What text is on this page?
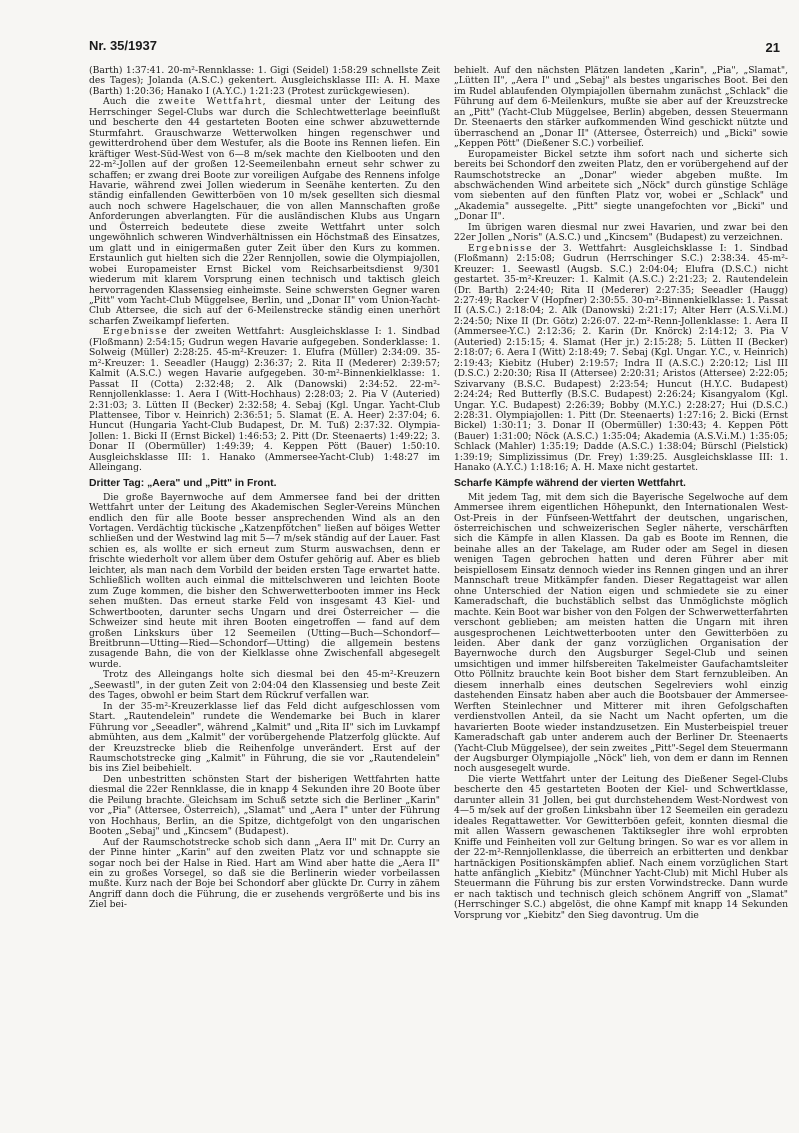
Nr. 35/1937	21

(Barth) 1:37:41. 20-m²-Rennklasse: 1. Gigi (Seidel) 1:58:29 schnellste Zeit des Tages); Jolanda (A.S.C.) gekentert. Ausgleichsklasse III: A. H. Maxe (Barth) 1:20:36; Hanako I (A.Y.C.) 1:21:23 (Protest zurückgewiesen).

Auch die zweite Wettfahrt, diesmal unter der Leitung des Herrschinger Segel-Clubs war durch die Schlechtwetterlage beeinflußt und bescherte den 44 gestarteten Booten eine schwer abzuwetternde Sturmfahrt. Grauschwarze Wetterwolken hingen regenschwer und gewitterdrohend über dem Westufer, als die Boote ins Rennen liefen. Ein kräftiger West-Süd-West von 6—8 m/sek machte den Kielbooten und den 22-m²-Jollen auf der großen 12-Seemeilenbahn erneut sehr schwer zu schaffen; er zwang drei Boote zur voreiligen Aufgabe des Rennens infolge Havarie, während zwei Jollen wiederum in Seenähe kenterten. Zu den ständig einfallenden Gewitterböen von 10 m/sek gesellten sich diesmal auch noch schwere Hagelschauer, die von allen Mannschaften große Anforderungen abverlangten. Für die ausländischen Klubs aus Ungarn und Österreich bedeutete diese zweite Wettfahrt unter solch ungewöhnlich schweren Windverhältnissen ein Höchstmaß des Einsatzes, um glatt und in einigermaßen guter Zeit über den Kurs zu kommen. Erstaunlich gut hielten sich die 22er Rennjollen, sowie die Olympiajollen, wobei Europameister Ernst Bickel vom Reichsarbeitsdienst 9/301 wiederum mit klarem Vorsprung einen technisch und taktisch gleich hervorragenden Klassensieg einheimste. Seine schwersten Gegner waren „Pitt" vom Yacht-Club Müggelsee, Berlin, und „Donar II" vom Union-Yacht-Club Attersee, die sich auf der 6-Meilenstrecke ständig einen unerhört scharfen Zweikampf lieferten.

Ergebnisse der zweiten Wettfahrt: Ausgleichsklasse I: 1. Sindbad (Floßmann) 2:54:15; Gudrun wegen Havarie aufgegeben. Sonderklasse: 1. Solweig (Müller) 2:28:25. 45-m²-Kreuzer: 1. Elufra (Müller) 2:34:09. 35-m²-Kreuzer: 1. Seeadler (Haugg) 2:36:37; 2. Rita II (Mederer) 2:39:57; Kalmit (A.S.C.) wegen Havarie aufgegeben. 30-m²-Binnenkielklasse: 1. Passat II (Cotta) 2:32:48; 2. Alk (Danowski) 2:34:52. 22-m²-Rennjollenklasse: 1. Aera I (Witt-Hochhaus) 2:28:03; 2. Pia V (Auteried) 2:31:03; 3. Lütten II (Becker) 2:32:58; 4. Sebaj (Kgl. Ungar. Yacht-Club Plattensee, Tibor v. Heinrich) 2:36:51; 5. Slamat (E. A. Heer) 2:37:04; 6. Huncut (Hungaria Yacht-Club Budapest, Dr. M. Tuß) 2:37:32. Olympia-Jollen: 1. Bicki II (Ernst Bickel) 1:46:53; 2. Pitt (Dr. Steenaerts) 1:49:22; 3. Donar II (Obermüller) 1:49:39; 4. Keppen Pött (Bauer) 1:50:10. Ausgleichsklasse III: 1. Hanako (Ammersee-Yacht-Club) 1:48:27 im Alleingang.

Dritter Tag: „Aera" und „Pitt" in Front.

Die große Bayernwoche auf dem Ammersee fand bei der dritten Wettfahrt unter der Leitung des Akademischen Segler-Vereins München endlich den für alle Boote besser ansprechenden Wind als an den Vortagen. Verdächtig tückische „Katzenpfötchen" ließen auf böiges Wetter schließen und der Westwind lag mit 5—7 m/sek ständig auf der Lauer. Fast schien es, als wollte er sich erneut zum Sturm auswachsen, denn er frischte wiederholt vor allem über dem Ostufer gehörig auf. Aber es blieb leichter, als man nach dem Vorbild der beiden ersten Tage erwartet hatte. Schließlich wollten auch einmal die mittelschweren und leichten Boote zum Zuge kommen, die bisher den Schwerwetterbooten immer ins Heck sehen mußten. Das erneut starke Feld von insgesamt 43 Kiel- und Schwertbooten, darunter sechs Ungarn und drei Österreicher — die Schweizer sind heute mit ihren Booten eingetroffen — fand auf dem großen Linkskurs über 12 Seemeilen (Utting—Buch—Schondorf—Breitbrunn—Utting—Ried—Schondorf—Utting) die allgemein bestens zusagende Bahn, die von der Kielklasse ohne Zwischenfall abgesegelt wurde.

Trotz des Alleingangs holte sich diesmal bei den 45-m²-Kreuzern „Seewastl", in der guten Zeit von 2:04:04 den Klassensieg und beste Zeit des Tages, obwohl er beim Start dem Rückruf verfallen war.

In der 35-m²-Kreuzerklasse lief das Feld dicht aufgeschlossen vom Start. „Rautendelein" rundete die Wendemarke bei Buch in klarer Führung vor „Seeadler", während „Kalmit" und „Rita II" sich im Luvkampf abmühten, aus dem „Kalmit" der vorübergehende Platzerfolg glückte. Auf der Kreuzstrecke blieb die Reihenfolge unverändert. Erst auf der Raumschotstrecke ging „Kalmit" in Führung, die sie vor „Rautendelein" bis ins Ziel beibehielt.

Den unbestritten schönsten Start der bisherigen Wettfahrten hatte diesmal die 22er Rennklasse, die in knapp 4 Sekunden ihre 20 Boote über die Peilung brachte. Gleichsam im Schuß setzte sich die Berliner „Karin" vor „Pia" (Attersee, Österreich), „Slamat" und „Aera I" unter der Führung von Hochhaus, Berlin, an die Spitze, dichtgefolgt von den ungarischen Booten „Sebaj" und „Kincsem" (Budapest).

Auf der Raumschotstrecke schob sich dann „Aera II" mit Dr. Curry an der Pinne hinter „Karin" auf den zweiten Platz vor und schnappte sie sogar noch bei der Halse in Ried. Hart am Wind aber hatte die „Aera II" ein zu großes Vorsegel, so daß sie die Berlinerin wieder vorbeilassen mußte. Kurz nach der Boje bei Schondorf aber glückte Dr. Curry in zähem Angriff dann doch die Führung, die er zusehends vergrößerte und bis ins Ziel bei-

behielt. Auf den nächsten Plätzen landeten „Karin", „Pia", „Slamat", „Lütten II", „Aera I" und „Sebaj" als bestes ungarisches Boot. Bei den im Rudel ablaufenden Olympiajollen übernahm zunächst „Schlack" die Führung auf dem 6-Meilenkurs, mußte sie aber auf der Kreuzstrecke an „Pitt" (Yacht-Club Müggelsee, Berlin) abgeben, dessen Steuermann Dr. Steenaerts den stärker aufkommenden Wind geschickt nützte und überraschend an „Donar II" (Attersee, Österreich) und „Bicki" sowie „Keppen Pött" (Dießener S.C.) vorbeilief.

Europameister Bickel setzte ihm sofort nach und sicherte sich bereits bei Schondorf den zweiten Platz, den er vorübergehend auf der Raumschotstrecke an „Donar" wieder abgeben mußte. Im abschwächenden Wind arbeitete sich „Nöck" durch günstige Schläge vom siebenten auf den fünften Platz vor, wobei er „Schlack" und „Akademia" aussegelte. „Pitt" siegte unangefochten vor „Bicki" und „Donar II".

Im übrigen waren diesmal nur zwei Havarien, und zwar bei den 22er Jollen „Noris" (A.S.C.) und „Kincsem" (Budapest) zu verzeichnen.

Ergebnisse der 3. Wettfahrt: Ausgleichsklasse I: 1. Sindbad (Floßmann) 2:15:08; Gudrun (Herrschinger S.C.) 2:38:34. 45-m²-Kreuzer: 1. Seewastl (Augsb. S.C.) 2:04:04; Elufra (D.S.C.) nicht gestartet. 35-m²-Kreuzer: 1. Kalmit (A.S.C.) 2:21:23; 2. Rautendelein (Dr. Barth) 2:24:40; Rita II (Mederer) 2:27:35; Seeadler (Haugg) 2:27:49; Racker V (Hopfner) 2:30:55. 30-m²-Binnenkielklasse: 1. Passat II (A.S.C.) 2:18:04; 2. Alk (Danowski) 2:21:17; Alter Herr (A.S.V.i.M.) 2:24:50; Nixe II (Dr. Götz) 2:26:07. 22-m²-Renn-Jollenklasse: 1. Aera II (Ammersee-Y.C.) 2:12:36; 2. Karin (Dr. Knörck) 2:14:12; 3. Pia V (Auteried) 2:15:15; 4. Slamat (Her jr.) 2:15:28; 5. Lütten II (Becker) 2:18:07; 6. Aera I (Witt) 2:18:49; 7. Sebaj (Kgl. Ungar. Y.C., v. Heinrich) 2:19:43; Kiebitz (Huber) 2:19:57; Indra II (A.S.C.) 2:20:12; Lisl III (D.S.C.) 2:20:30; Risa II (Attersee) 2:20:31; Aristos (Attersee) 2:22:05; Szivarvany (B.S.C. Budapest) 2:23:54; Huncut (H.Y.C. Budapest) 2:24:24; Red Butterfly (B.S.C. Budapest) 2:26:24; Kisangyalom (Kgl. Ungar. Y.C. Budapest) 2:26:39; Bobby (M.Y.C.) 2:28:27; Hui (D.S.C.) 2:28:31. Olympiajollen: 1. Pitt (Dr. Steenaerts) 1:27:16; 2. Bicki (Ernst Bickel) 1:30:11; 3. Donar II (Obermüller) 1:30:43; 4. Keppen Pött (Bauer) 1:31:00; Nöck (A.S.C.) 1:35:04; Akademia (A.S.V.i.M.) 1:35:05; Schlack (Mahler) 1:35:19; Dadde (A.S.C.) 1:38:04; Bürschl (Pielstick) 1:39:19; Simplizissimus (Dr. Frey) 1:39:25. Ausgleichsklasse III: 1. Hanako (A.Y.C.) 1:18:16; A. H. Maxe nicht gestartet.

Scharfe Kämpfe während der vierten Wettfahrt.

Mit jedem Tag, mit dem sich die Bayerische Segelwoche auf dem Ammersee ihrem eigentlichen Höhepunkt, den Internationalen West-Ost-Preis in der Fünfseen-Wettfahrt der deutschen, ungarischen, österreichischen und schweizerischen Segler näherte, verschärften sich die Kämpfe in allen Klassen. Da gab es Boote im Rennen, die beinahe alles an der Takelage, am Ruder oder am Segel in diesen wenigen Tagen gebrochen hatten und deren Führer aber mit beispiellosem Einsatz dennoch wieder ins Rennen gingen und an ihrer Mannschaft treue Mitkämpfer fanden. Dieser Regattageist war allen ohne Unterschied der Nation eigen und schmiedete sie zu einer Kameradschaft, die buchstäblich selbst das Unmöglichste möglich machte. Kein Boot war bisher von den Folgen der Schwerwetterfahrten verschont geblieben; am meisten hatten die Ungarn mit ihren ausgesprochenen Leichtwetterbooten unter den Gewitterböen zu leiden. Aber dank der ganz vorzüglichen Organisation der Bayernwoche durch den Augsburger Segel-Club und seinen umsichtigen und immer hilfsbereiten Takelmeister Gaufachamtsleiter Otto Pöllnitz brauchte kein Boot bisher dem Start fernzubleiben. An diesem innerhalb eines deutschen Segelreviers wohl einzig dastehenden Einsatz haben aber auch die Bootsbauer der Ammersee-Werften Steinlechner und Mitterer mit ihren Gefolgschaften verdienstvollen Anteil, da sie Nacht um Nacht opferten, um die havarierten Boote wieder instandzusetzen. Ein Musterbeispiel treuer Kameradschaft gab unter anderem auch der Berliner Dr. Steenaerts (Yacht-Club Müggelsee), der sein zweites „Pitt"-Segel dem Steuermann der Augsburger Olympiajolle „Nöck" lieh, von dem er dann im Rennen noch ausgesegelt wurde.

Die vierte Wettfahrt unter der Leitung des Dießener Segel-Clubs bescherte den 45 gestarteten Booten der Kiel- und Schwertklasse, darunter allein 31 Jollen, bei gut durchstehendem West-Nordwest von 4—5 m/sek auf der großen Linksbahn über 12 Seemeilen ein geradezu ideales Regattawetter. Vor Gewitterböen gefeit, konnten diesmal die mit allen Wassern gewaschenen Taktiksegler ihre wohl erprobten Kniffe und Feinheiten voll zur Geltung bringen. So war es vor allem in der 22-m²-Rennjollenklasse, die überreich an erbitterten und denkbar hartnäckigen Positionskämpfen ablief. Nach einem vorzüglichen Start hatte anfänglich „Kiebitz" (Münchner Yacht-Club) mit Michl Huber als Steuermann die Führung bis zur ersten Vorwindstrecke. Dann wurde er nach taktisch und technisch gleich schönem Angriff von „Slamat" (Herrschinger S.C.) abgelöst, die ohne Kampf mit knapp 14 Sekunden Vorsprung vor „Kiebitz" den Sieg davontrug. Um die
